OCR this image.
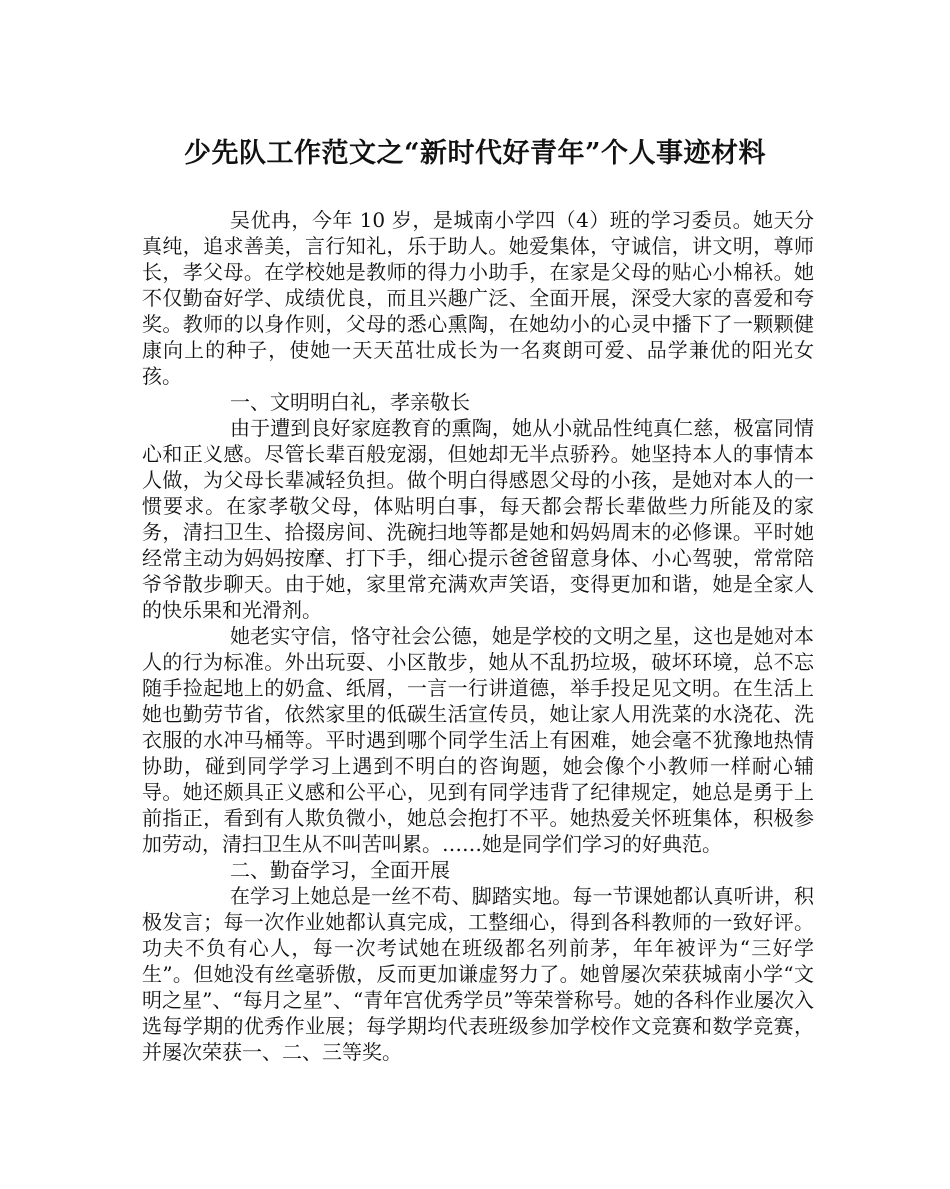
少先队工作范文之“新时代好青年”个人事迹材料

吴优冉，今年 10 岁，是城南小学四（4）班的学习委员。她天分真纯，追求善美，言行知礼，乐于助人。她爱集体，守诚信，讲文明，尊师长，孝父母。在学校她是教师的得力小助手，在家是父母的贴心小棉袄。她不仅勤奋好学、成绩优良，而且兴趣广泛、全面开展，深受大家的喜爱和夸奖。教师的以身作则，父母的悉心熏陶，在她幼小的心灵中播下了一颗颗健康向上的种子，使她一天天茁壮成长为一名爽朗可爱、品学兼优的阳光女孩。

一、文明明白礼，孝亲敬长

由于遭到良好家庭教育的熏陶，她从小就品性纯真仁慈，极富同情心和正义感。尽管长辈百般宠溺，但她却无半点骄矜。她坚持本人的事情本人做，为父母长辈减轻负担。做个明白得感恩父母的小孩，是她对本人的一惯要求。在家孝敬父母，体贴明白事，每天都会帮长辈做些力所能及的家务，清扫卫生、拾掇房间、洗碗扫地等都是她和妈妈周末的必修课。平时她经常主动为妈妈按摩、打下手，细心提示爸爸留意身体、小心驾驶，常常陪爷爷散步聊天。由于她，家里常充满欢声笑语，变得更加和谐，她是全家人的快乐果和光滑剂。

她老实守信，恪守社会公德，她是学校的文明之星，这也是她对本人的行为标准。外出玩耍、小区散步，她从不乱扔垃圾，破坏环境，总不忘随手捡起地上的奶盒、纸屑，一言一行讲道德，举手投足见文明。在生活上她也勤劳节省，依然家里的低碳生活宣传员，她让家人用洗菜的水浇花、洗衣服的水冲马桶等。平时遇到哪个同学生活上有困难，她会毫不犹豫地热情协助，碰到同学学习上遇到不明白的咨询题，她会像个小教师一样耐心辅导。她还颇具正义感和公平心，见到有同学违背了纪律规定，她总是勇于上前指正，看到有人欺负微小，她总会抱打不平。她热爱关怀班集体，积极参加劳动，清扫卫生从不叫苦叫累。……她是同学们学习的好典范。

二、勤奋学习，全面开展

在学习上她总是一丝不苟、脚踏实地。每一节课她都认真听讲，积极发言；每一次作业她都认真完成，工整细心，得到各科教师的一致好评。功夫不负有心人，每一次考试她在班级都名列前茅，年年被评为“三好学生”。但她没有丝毫骄傲，反而更加谦虚努力了。她曾屡次荣获城南小学“文明之星”、“每月之星”、“青年宫优秀学员”等荣誉称号。她的各科作业屡次入选每学期的优秀作业展；每学期均代表班级参加学校作文竞赛和数学竞赛，并屡次荣获一、二、三等奖。
